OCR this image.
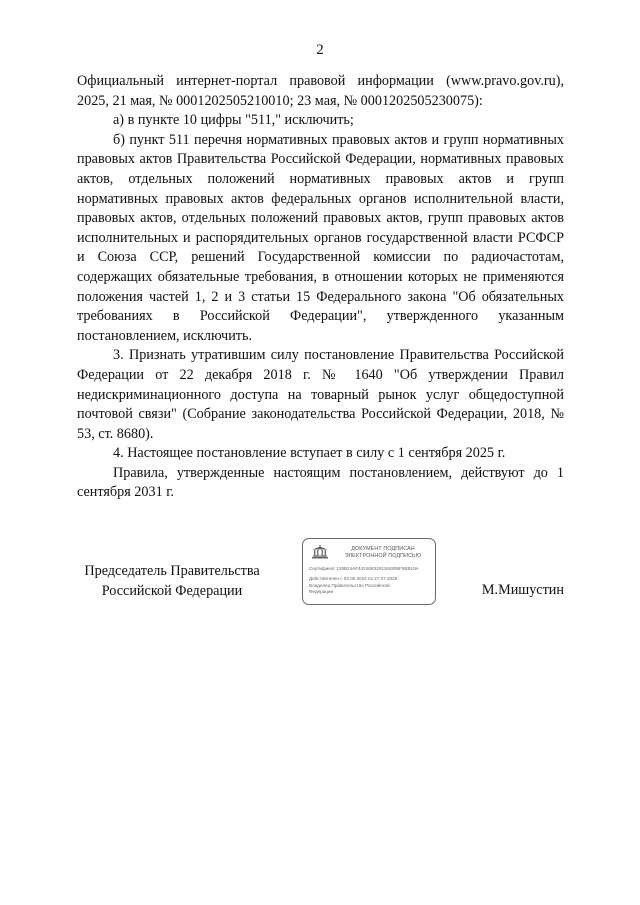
2

Официальный интернет-портал правовой информации (www.pravo.gov.ru), 2025, 21 мая, № 0001202505210010; 23 мая, № 0001202505230075):

а) в пункте 10 цифры "511," исключить;

б) пункт 511 перечня нормативных правовых актов и групп нормативных правовых актов Правительства Российской Федерации, нормативных правовых актов, отдельных положений нормативных правовых актов и групп нормативных правовых актов федеральных органов исполнительной власти, правовых актов, отдельных положений правовых актов, групп правовых актов исполнительных и распорядительных органов государственной власти РСФСР и Союза ССР, решений Государственной комиссии по радиочастотам, содержащих обязательные требования, в отношении которых не применяются положения частей 1, 2 и 3 статьи 15 Федерального закона "Об обязательных требованиях в Российской Федерации", утвержденного указанным постановлением, исключить.

3. Признать утратившим силу постановление Правительства Российской Федерации от 22 декабря 2018 г. № 1640 "Об утверждении Правил недискриминационного доступа на товарный рынок услуг общедоступной почтовой связи" (Собрание законодательства Российской Федерации, 2018, № 53, ст. 8680).

4. Настоящее постановление вступает в силу с 1 сентября 2025 г.

Правила, утвержденные настоящим постановлением, действуют до 1 сентября 2031 г.

Председатель Правительства
Российской Федерации
ДОКУМЕНТ ПОДПИСАН
ЭЛЕКТРОННОЙ ПОДПИСЬЮ
Сертификат 129B24AF44246E5261184808F5BB19A
Действителен с 03.05.2024 по 27.07.2025
Владелец Правительство Российской
Федерации	М.Мишустин
